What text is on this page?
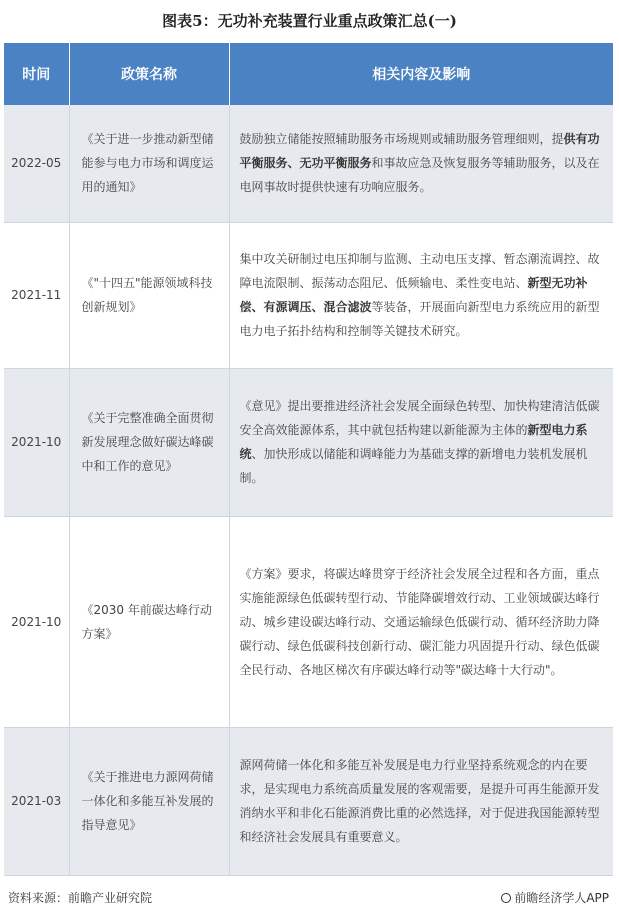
图表5：无功补充装置行业重点政策汇总(一)
时间	政策名称	相关内容及影响
2022-05	《关于进一步推动新型储能参与电力市场和调度运用的通知》	鼓励独立储能按照辅助服务市场规则或辅助服务管理细则，提供有功平衡服务、无功平衡服务和事故应急及恢复服务等辅助服务，以及在电网事故时提供快速有功响应服务。
2021-11	《"十四五"能源领域科技创新规划》	集中攻关研制过电压抑制与监测、主动电压支撑、暂态潮流调控、故障电流限制、振荡动态阻尼、低频输电、柔性变电站、新型无功补偿、有源调压、混合滤波等装备，开展面向新型电力系统应用的新型电力电子拓扑结构和控制等关键技术研究。
2021-10	《关于完整准确全面贯彻新发展理念做好碳达峰碳中和工作的意见》	《意见》提出要推进经济社会发展全面绿色转型、加快构建清洁低碳安全高效能源体系，其中就包括构建以新能源为主体的新型电力系统、加快形成以储能和调峰能力为基础支撑的新增电力装机发展机制。
2021-10	《2030 年前碳达峰行动方案》	《方案》要求，将碳达峰贯穿于经济社会发展全过程和各方面，重点实施能源绿色低碳转型行动、节能降碳增效行动、工业领域碳达峰行动、城乡建设碳达峰行动、交通运输绿色低碳行动、循环经济助力降碳行动、绿色低碳科技创新行动、碳汇能力巩固提升行动、绿色低碳全民行动、各地区梯次有序碳达峰行动等"碳达峰十大行动"。
2021-03	《关于推进电力源网荷储一体化和多能互补发展的指导意见》	源网荷储一体化和多能互补发展是电力行业坚持系统观念的内在要求，是实现电力系统高质量发展的客观需要，是提升可再生能源开发消纳水平和非化石能源消费比重的必然选择，对于促进我国能源转型和经济社会发展具有重要意义。
资料来源：前瞻产业研究院	前瞻经济学人APP
